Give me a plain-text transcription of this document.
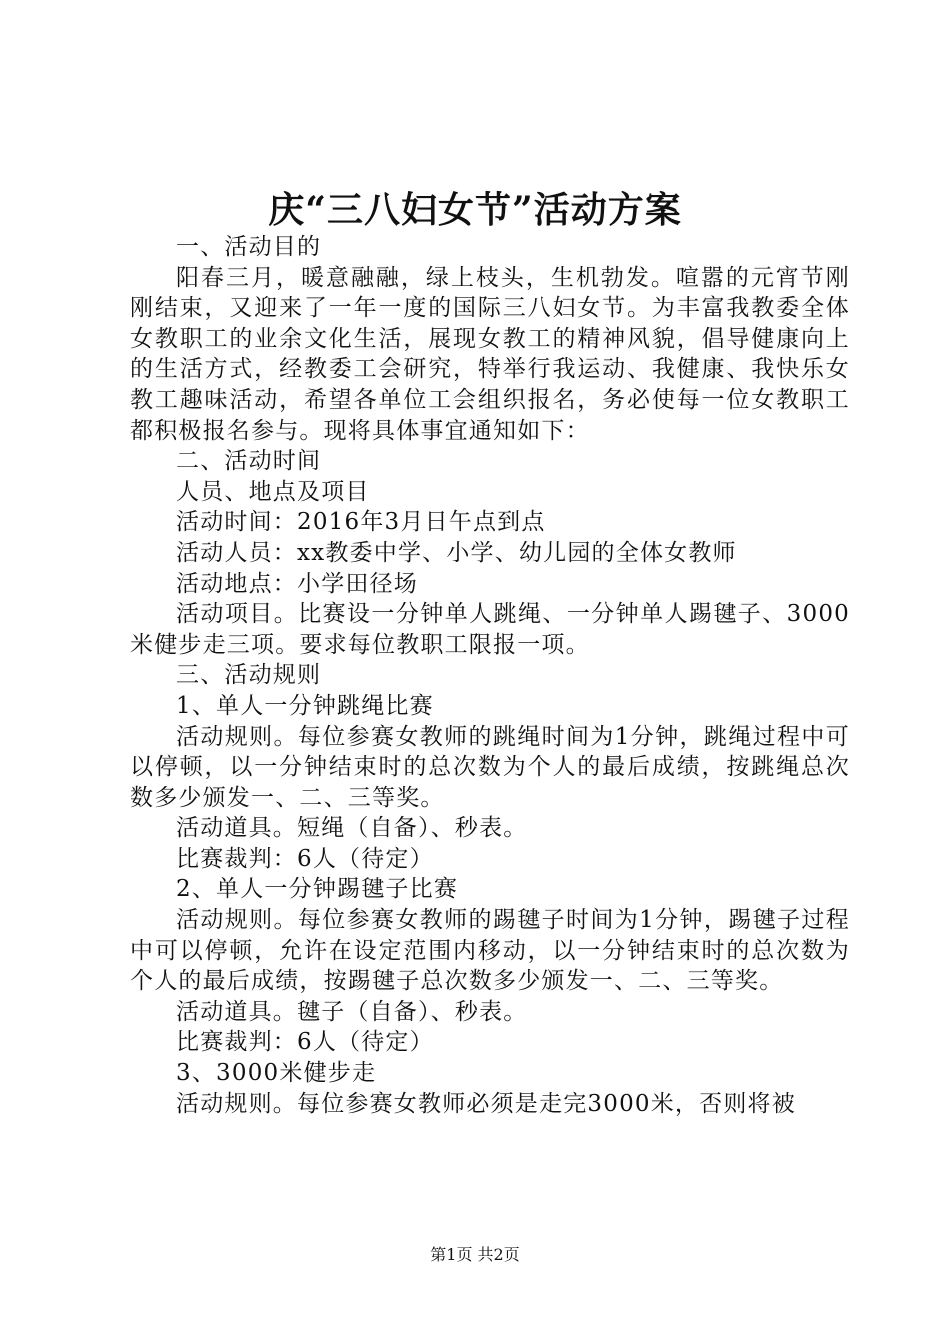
庆“三八妇女节”活动方案

一、活动目的

阳春三月，暖意融融，绿上枝头，生机勃发。喧嚣的元宵节刚刚结束，又迎来了一年一度的国际三八妇女节。为丰富我教委全体女教职工的业余文化生活，展现女教工的精神风貌，倡导健康向上的生活方式，经教委工会研究，特举行我运动、我健康、我快乐女教工趣味活动，希望各单位工会组织报名，务必使每一位女教职工都积极报名参与。现将具体事宜通知如下：

二、活动时间

人员、地点及项目

活动时间：2016年3月日午点到点

活动人员：xx教委中学、小学、幼儿园的全体女教师

活动地点：小学田径场

活动项目。比赛设一分钟单人跳绳、一分钟单人踢毽子、3000米健步走三项。要求每位教职工限报一项。

三、活动规则

1、单人一分钟跳绳比赛

活动规则。每位参赛女教师的跳绳时间为1分钟，跳绳过程中可以停顿，以一分钟结束时的总次数为个人的最后成绩，按跳绳总次数多少颁发一、二、三等奖。

活动道具。短绳（自备）、秒表。

比赛裁判：6人（待定）

2、单人一分钟踢毽子比赛

活动规则。每位参赛女教师的踢毽子时间为1分钟，踢毽子过程中可以停顿，允许在设定范围内移动，以一分钟结束时的总次数为个人的最后成绩，按踢毽子总次数多少颁发一、二、三等奖。

活动道具。毽子（自备）、秒表。

比赛裁判：6人（待定）

3、3000米健步走

活动规则。每位参赛女教师必须是走完3000米，否则将被

第1页 共2页
